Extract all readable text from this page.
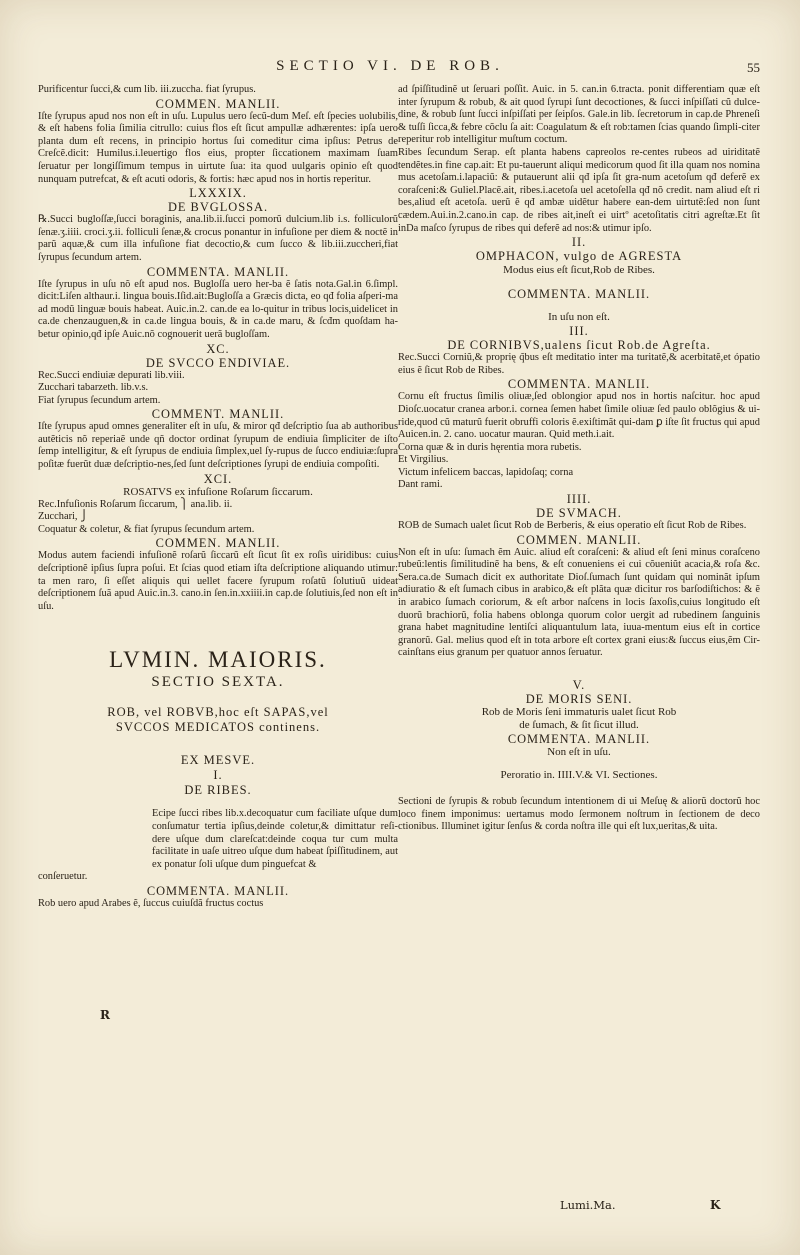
SECTIO VI. DE ROB.	55
Purificentur ſucci,& cum lib. iii.zuccha. fiat ſyrupus.
COMMEN. MANLII.
Iſte ſyrupus apud nos non eſt in uſu. Lupulus uero ſecũ-dum Meſ. eſt ſpecies uolubilis, & eſt habens folia ſimilia citrullo: cuius flos eſt ſicut ampullæ adhærentes: ipſa uero planta dum eſt recens, in principio hortus ſui comeditur cima ipſius: Petrus de Creſcẽ.dicit: Humilus.i.leuertigo flos eius, propter ſiccationem maximam ſuam ſeruatur per longiſſimum tempus in uirtute ſua: ita quod uulgaris opinio eſt quod nunquam putrefcat, & eſt acuti odoris, & fortis: hæc apud nos in hortis reperitur.
LXXXIX.
DE BVGLOSSA.
℞.Succi bugloſſæ,ſucci boraginis, ana.lib.ii.ſucci pomorũ dulcium.lib i.s. folliculorũ ſenæ.ʒ.iiii. croci.ʒ.ii. folliculi ſenæ,& crocus ponantur in infuſione per diem & noctẽ in parũ aquæ,& cum illa infuſione fiat decoctio,& cum ſucco & lib.iii.zuccheri,fiat ſyrupus ſecundum artem.
COMMENTA. MANLII.
Iſte ſyrupus in uſu nõ eſt apud nos. Bugloſſa uero her-ba ẽ ſatis nota.Gal.in 6.ſimpl. dicit:Liſen althaur.i. lingua bouis.Iſid.ait:Bugloſſa a Græcis dicta, eo qđ folia aſperi-ma ad modũ linguæ bouis habeat. Auic.in.2. can.de ea lo-quitur in tribus locis,uidelicet in ca.de chenzauguen,& in ca.de lingua bouis, & in ca.de maru, & ſcđm quoſdam ha-betur opinio,qđ ipſe Auic.nõ cognouerit uerã bugloſſam.
XC.
DE SVCCO ENDIVIAE.
Rec.Succi endiuiæ depurati lib.viii.
Zucchari tabarzeth. lib.v.s.
Fiat ſyrupus ſecundum artem.
COMMENT. MANLII.
Iſte ſyrupus apud omnes generaliter eſt in uſu, & miror qđ deſcriptio ſua ab authoribus autẽticis nõ reperiaẽ unde qñ doctor ordinat ſyrupum de endiuia ſimpliciter de iſto ſemp intelligitur, & eſt ſyrupus de endiuia ſimplex,uel ſy-rupus de ſucco endiuiæ:ſupra poſitæ fuerũt duæ deſcriptio-nes,ſed ſunt deſcriptiones ſyrupi de endiuia compoſiti.
XCI.
ROSATVS ex infuſione Roſarum ſiccarum.
Rec.Infuſionis Roſarum ſiccarum, ⎫ ana.lib. ii.
Zucchari, ⎭
Coquatur & coletur, & fiat ſyrupus ſecundum artem.
COMMEN. MANLII.
Modus autem faciendi infuſionẽ roſarũ ſiccarũ eſt ſicut ſit ex roſis uiridibus: cuius deſcriptionẽ ipſius ſupra poſui. Et ſcias quod etiam iſta deſcriptione aliquando utimur: ta men raro, ſi eſſet aliquis qui uellet facere ſyrupum roſatũ ſolutiuũ uideat deſcriptionem ſuã apud Auic.in.3. cano.in ſen.in.xxiiii.in cap.de ſolutiuis,ſed non eſt in uſu.
LVMIN. MAIORIS.
SECTIO SEXTA.
ROB, vel ROBVB,hoc eſt SAPAS,vel
SVCCOS MEDICATOS continens.
EX MESVE.
I.
DE RIBES.
Ecipe ſucci ribes lib.x.decoquatur cum faciliate uſque dum conſumatur tertia ipſius,deinde coletur,& dimittatur reſi-dere uſque dum clareſcat:deinde coqua tur cum multa facilitate in uaſe uitreo uſque dum habeat ſpiſſitudinem, aut ex ponatur ſoli uſque dum pinguefcat &
conſeruetur.
COMMENTA. MANLII.
Rob uero apud Arabes ẽ, ſuccus cuiuſdã fructus coctus
ad ſpiſſitudinẽ ut ſeruari poſſit. Auic. in 5. can.in 6.tracta. ponit differentiam quæ eſt inter ſyrupum & robub, & ait quod ſyrupi ſunt decoctiones, & ſucci inſpiſſati cũ dulce-dine, & robub ſunt ſucci inſpiſſati per ſeipſos. Gale.in lib. ſecretorum in cap.de Phreneſi & tuſſi ſicca,& febre cõclu ſa ait: Coagulatum & eſt rob:tamen ſcias quando ſimpli-citer reperitur rob intelligitur muſtum coctum.
Ribes ſecundum Serap. eſt planta habens capreolos re-centes rubeos ad uiriditatẽ tendẽtes.in fine cap.ait: Et pu-tauerunt aliqui medicorum quod ſit illa quam nos nomina mus acetoſam.i.lapaciũ: & putauerunt alii qđ ipſa ſit gra-num acetoſum qđ deferẽ ex coraſceni:& Guliel.Placẽ.ait, ribes.i.acetoſa uel acetoſella qđ nõ credit. nam aliud eſt ri bes,aliud eſt acetoſa. uerũ ẽ qđ ambæ uidẽtur habere ean-dem uirtutẽ:ſed non ſunt cædem.Aui.in.2.cano.in cap. de ribes ait,ineſt ei uirtº acetoſitatis citri agreſtæ.Et ſit inDa maſco ſyrupus de ribes qui deferẽ ad nos:& utimur ipſo.
II.
OMPHACON, vulgo de AGRESTA
Modus eius eſt ſicut,Rob de Ribes.
COMMENTA. MANLII.
In uſu non eſt.
III.
DE CORNIBVS,ualens ſicut Rob.de Agreſta.
Rec.Succi Corniũ,& proprię q̃bus eſt meditatio inter ma turitatẽ,& acerbitatẽ,et ópatio eius ẽ ſicut Rob de Ribes.
COMMENTA. MANLII.
Cornu eſt fructus ſimilis oliuæ,ſed oblongior apud nos in hortis naſcitur. hoc apud Dioſc.uocatur cranea arbor.i. cornea ſemen habet ſimile oliuæ ſed paulo oblõgius & ui-ride,quod cũ maturũ fuerit obruffi coloris ẽ.exiſtimãt qui-dam ꝑ iſte ſit fructus qui apud Auicen.in. 2. cano. uocatur mauran. Quid meth.i.ait.
Corna quæ & in duris hęrentia mora rubetis.
Et Virgilius.
Victum infelicem baccas, lapidoſaq; corna
Dant rami.
IIII.
DE SVMACH.
ROB de Sumach ualet ſicut Rob de Berberis, & eius operatio eſt ſicut Rob de Ribes.
COMMEN. MANLII.
Non eſt in uſu: ſumach ẽm Auic. aliud eſt coraſceni: & aliud eſt ſeni minus coraſceno rubeũ:lentis ſimilitudinẽ ha bens, & eſt conueniens ei cui cõueniũt acacia,& roſa &c. Sera.ca.de Sumach dicit ex authoritate Dioſ.ſumach ſunt quidam qui nominãt ipſum adiuratio & eſt ſumach cibus in arabico,& eſt plãta quæ dicitur ros barſodiſtichos: & ẽ in arabico ſumach coriorum, & eſt arbor naſcens in locis ſaxoſis,cuius longitudo eſt duorũ brachiorũ, folia habens oblonga quorum color uergit ad rubedinem ſanguinis grana habet magnitudine lentiſci aliquantulum lata, iuua-mentum eius eſt in cortice granorũ. Gal. melius quod eſt in tota arbore eſt cortex grani eius:& ſuccus eius,ẽm Cir-cainſtans eius granum per quatuor annos ſeruatur.
V.
DE MORIS SENI.
Rob de Moris ſeni immaturis ualet ſicut Rob
de ſumach, & ſit ſicut illud.
COMMENTA. MANLII.
Non eſt in uſu.
Peroratio in. IIII.V.& VI. Sectiones.
Sectioni de ſyrupis & robub ſecundum intentionem di ui Meſuę & aliorũ doctorũ hoc loco finem imponimus: uertamus modo ſermonem noſtrum in ſectionem de deco ctionibus. Illuminet igitur ſenſus & corda noſtra ille qui eſt lux,ueritas,& uita.
R
Lumi.Ma.	K
